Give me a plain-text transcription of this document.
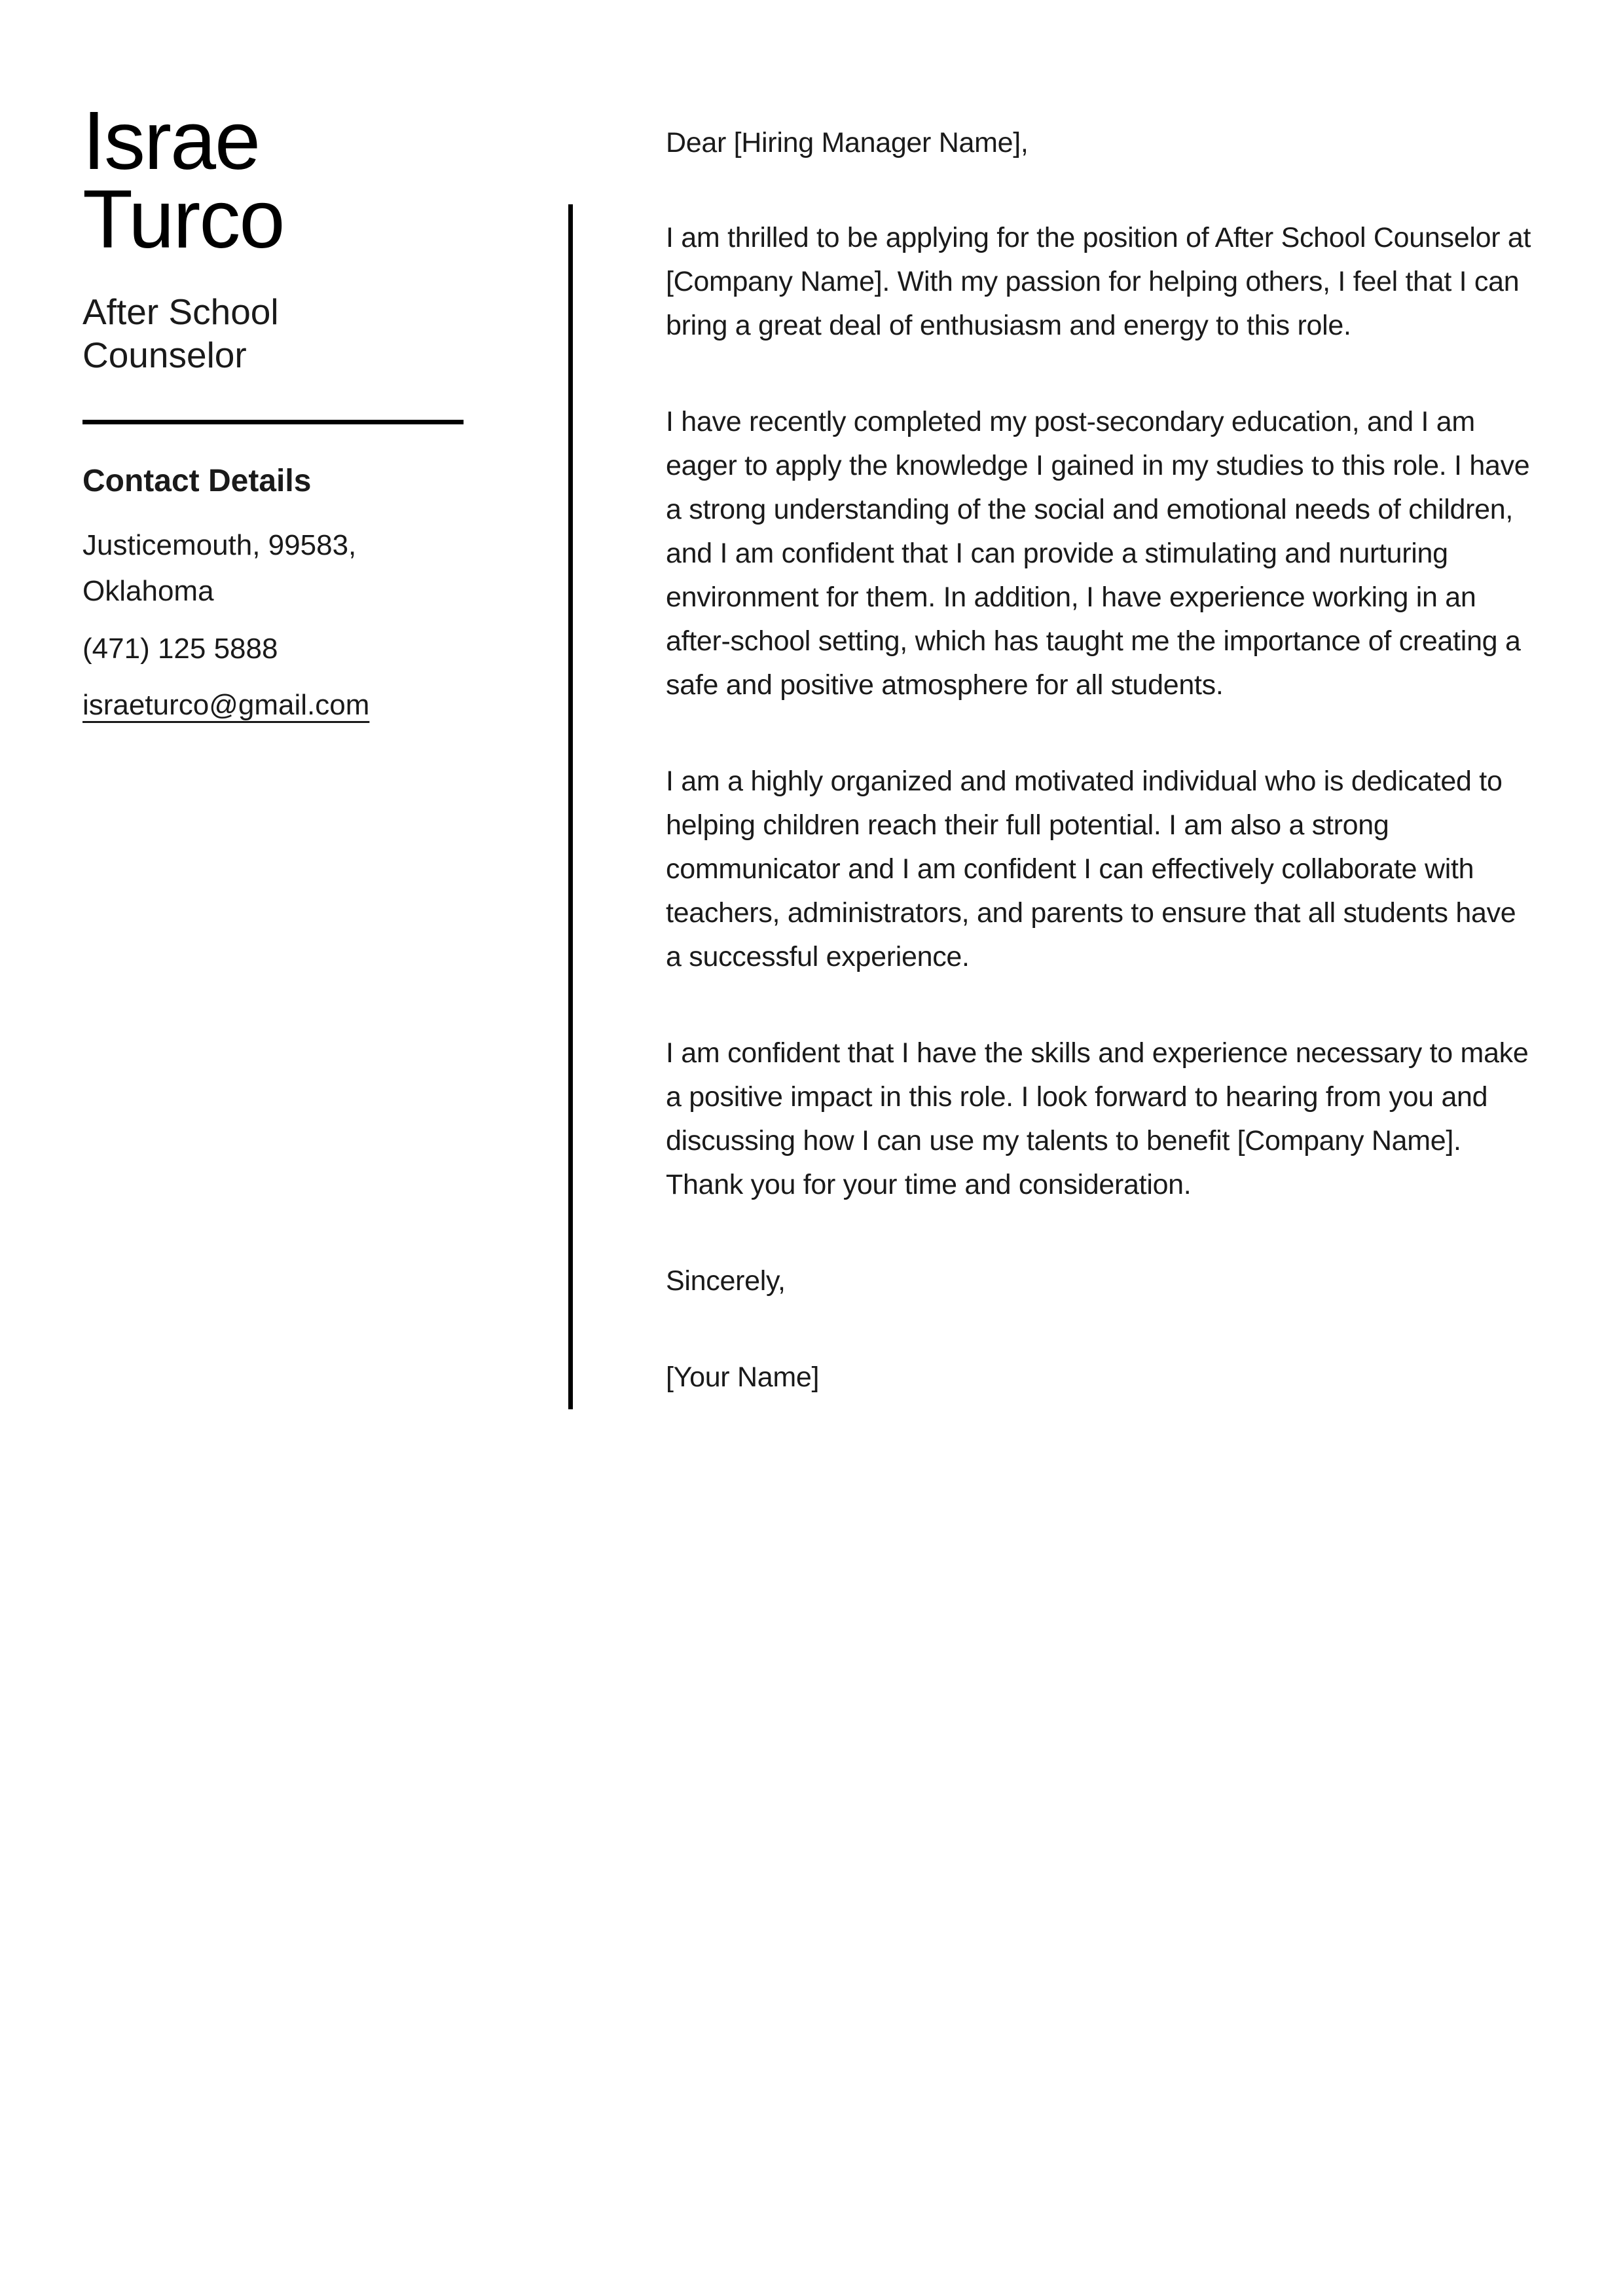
Israe Turco
After School Counselor
Contact Details
Justicemouth, 99583, Oklahoma
(471) 125 5888
israeturco@gmail.com

Dear [Hiring Manager Name],

I am thrilled to be applying for the position of After School Counselor at [Company Name]. With my passion for helping others, I feel that I can bring a great deal of enthusiasm and energy to this role.

I have recently completed my post-secondary education, and I am eager to apply the knowledge I gained in my studies to this role. I have a strong understanding of the social and emotional needs of children, and I am confident that I can provide a stimulating and nurturing environment for them. In addition, I have experience working in an after-school setting, which has taught me the importance of creating a safe and positive atmosphere for all students.

I am a highly organized and motivated individual who is dedicated to helping children reach their full potential. I am also a strong communicator and I am confident I can effectively collaborate with teachers, administrators, and parents to ensure that all students have a successful experience.

I am confident that I have the skills and experience necessary to make a positive impact in this role. I look forward to hearing from you and discussing how I can use my talents to benefit [Company Name]. Thank you for your time and consideration.

Sincerely,

[Your Name]
